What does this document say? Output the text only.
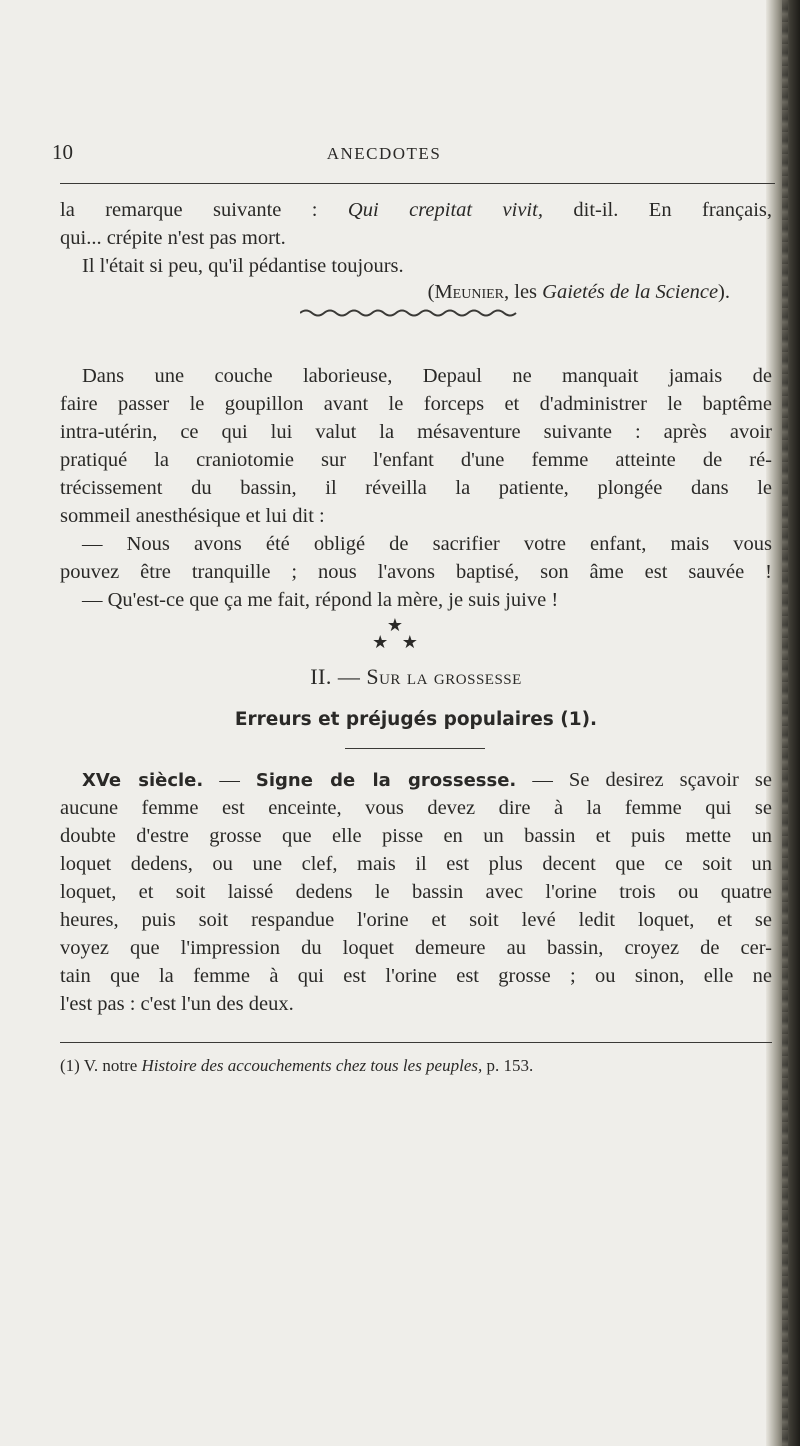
10	ANECDOTES
la remarque suivante : Qui crepitat vivit, dit-il. En français,
qui... crépite n'est pas mort.
Il l'était si peu, qu'il pédantise toujours.
(Meunier, les Gaietés de la Science).
Dans une couche laborieuse, Depaul ne manquait jamais de
faire passer le goupillon avant le forceps et d'administrer le baptême
intra-utérin, ce qui lui valut la mésaventure suivante : après avoir
pratiqué la craniotomie sur l'enfant d'une femme atteinte de ré-
trécissement du bassin, il réveilla la patiente, plongée dans le
sommeil anesthésique et lui dit :
— Nous avons été obligé de sacrifier votre enfant, mais vous
pouvez être tranquille ; nous l'avons baptisé, son âme est sauvée !
— Qu'est-ce que ça me fait, répond la mère, je suis juive !
★
★   ★
II. — Sur la grossesse
Erreurs et préjugés populaires (1).
XVe siècle. — Signe de la grossesse. — Se desirez sçavoir se
aucune femme est enceinte, vous devez dire à la femme qui se
doubte d'estre grosse que elle pisse en un bassin et puis mette un
loquet dedens, ou une clef, mais il est plus decent que ce soit un
loquet, et soit laissé dedens le bassin avec l'orine trois ou quatre
heures, puis soit respandue l'orine et soit levé ledit loquet, et se
voyez que l'impression du loquet demeure au bassin, croyez de cer-
tain que la femme à qui est l'orine est grosse ; ou sinon, elle ne
l'est pas : c'est l'un des deux.
(1) V. notre Histoire des accouchements chez tous les peuples, p. 153.
